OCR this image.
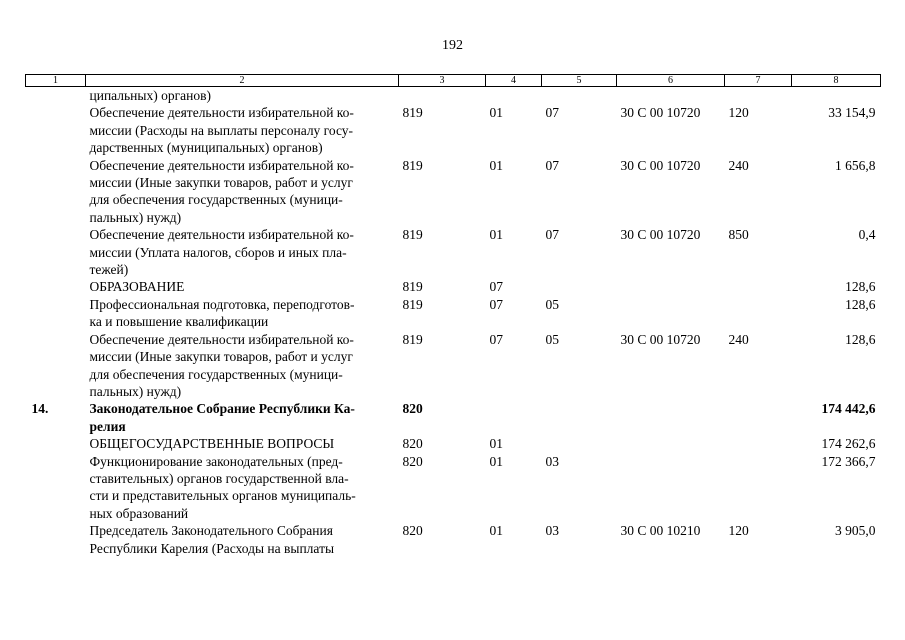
192
1	2	3	4	5	6	7	8
	ципальных) органов)						
	Обеспечение деятельности избирательной ко-
миссии (Расходы на выплаты персоналу госу-
дарственных (муниципальных) органов)	819	01	07	30 С 00 10720	120	33 154,9
	Обеспечение деятельности избирательной ко-
миссии (Иные закупки товаров, работ и услуг
для обеспечения государственных (муници-
пальных) нужд)	819	01	07	30 С 00 10720	240	1 656,8
	Обеспечение деятельности избирательной ко-
миссии (Уплата налогов, сборов и иных пла-
тежей)	819	01	07	30 С 00 10720	850	0,4
	ОБРАЗОВАНИЕ	819	07				128,6
	Профессиональная подготовка, переподготов-
ка и повышение квалификации	819	07	05			128,6
	Обеспечение деятельности избирательной ко-
миссии (Иные закупки товаров, работ и услуг
для обеспечения государственных (муници-
пальных) нужд)	819	07	05	30 С 00 10720	240	128,6
14.	Законодательное Собрание Республики Ка-
релия	820					174 442,6
	ОБЩЕГОСУДАРСТВЕННЫЕ ВОПРОСЫ	820	01				174 262,6
	Функционирование законодательных (пред-
ставительных) органов государственной вла-
сти и представительных органов муниципаль-
ных образований	820	01	03			172 366,7
	Председатель Законодательного Собрания
Республики Карелия (Расходы на выплаты	820	01	03	30 С 00 10210	120	3 905,0
